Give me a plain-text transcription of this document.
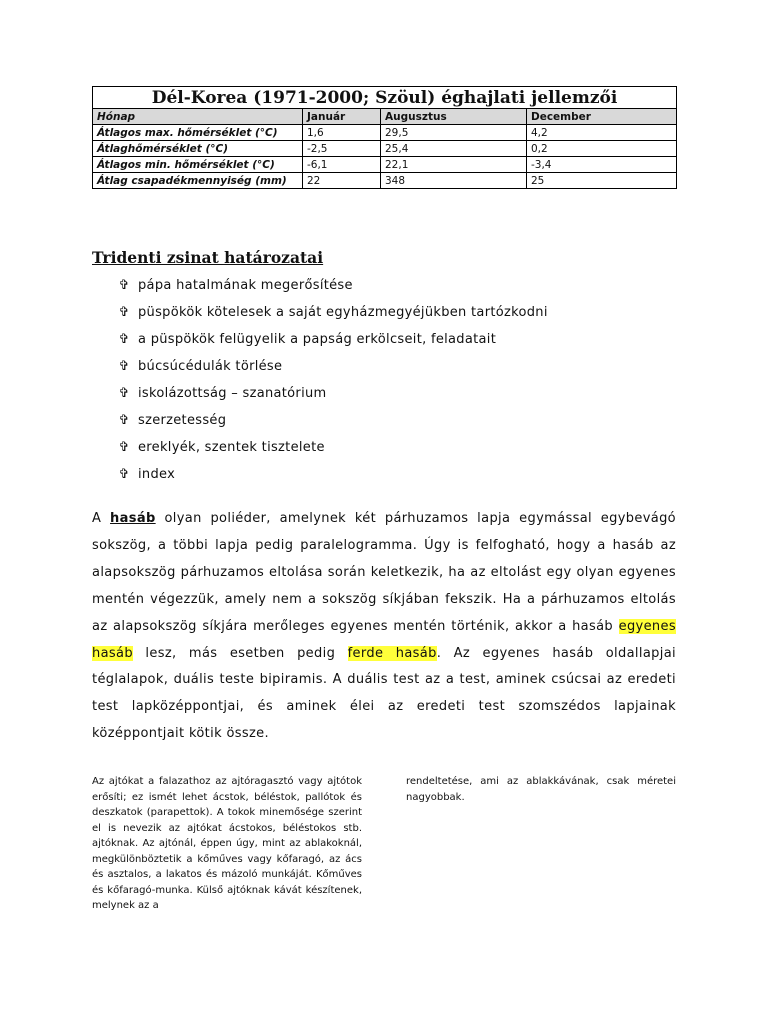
Dél-Korea (1971-2000; Szöul) éghajlati jellemzői			
Hónap	Január	Augusztus	December
Átlagos max. hőmérséklet (°C)	1,6	29,5	4,2
Átlaghőmérséklet (°C)	-2,5	25,4	0,2
Átlagos min. hőmérséklet (°C)	-6,1	22,1	-3,4
Átlag csapadékmennyiség (mm)	22	348	25
Tridenti zsinat határozatai
✞ pápa hatalmának megerősítése
✞ püspökök kötelesek a saját egyházmegyéjükben tartózkodni
✞ a püspökök felügyelik a papság erkölcseit, feladatait
✞ búcsúcédulák törlése
✞ iskolázottság – szanatórium
✞ szerzetesség
✞ ereklyék, szentek tisztelete
✞ index

A hasáb olyan poliéder, amelynek két párhuzamos lapja egymással egybevágó sokszög, a többi lapja pedig paralelogramma. Úgy is felfogható, hogy a hasáb az alapsokszög párhuzamos eltolása során keletkezik, ha az eltolást egy olyan egyenes mentén végezzük, amely nem a sokszög síkjában fekszik. Ha a párhuzamos eltolás az alapsokszög síkjára merőleges egyenes mentén történik, akkor a hasáb egyenes hasáb lesz, más esetben pedig ferde hasáb. Az egyenes hasáb oldallapjai téglalapok, duális teste bipiramis. A duális test az a test, aminek csúcsai az eredeti test lapközéppontjai, és aminek élei az eredeti test szomszédos lapjainak középpontjait kötik össze.

Az ajtókat a falazathoz az ajtóragasztó vagy ajtótok erősíti; ez ismét lehet ácstok, béléstok, pallótok és deszkatok (parapettok). A tokok minemősége szerint el is nevezik az ajtókat ácstokos, béléstokos stb. ajtóknak. Az ajtónál, éppen úgy, mint az ablakoknál, megkülönböztetik a kőműves vagy kőfaragó, az ács és asztalos, a lakatos és mázoló munkáját. Kőműves és kőfaragó-munka. Külső ajtóknak kávát készítenek, melynek az a

rendeltetése, ami az ablakkávának, csak méretei nagyobbak.
